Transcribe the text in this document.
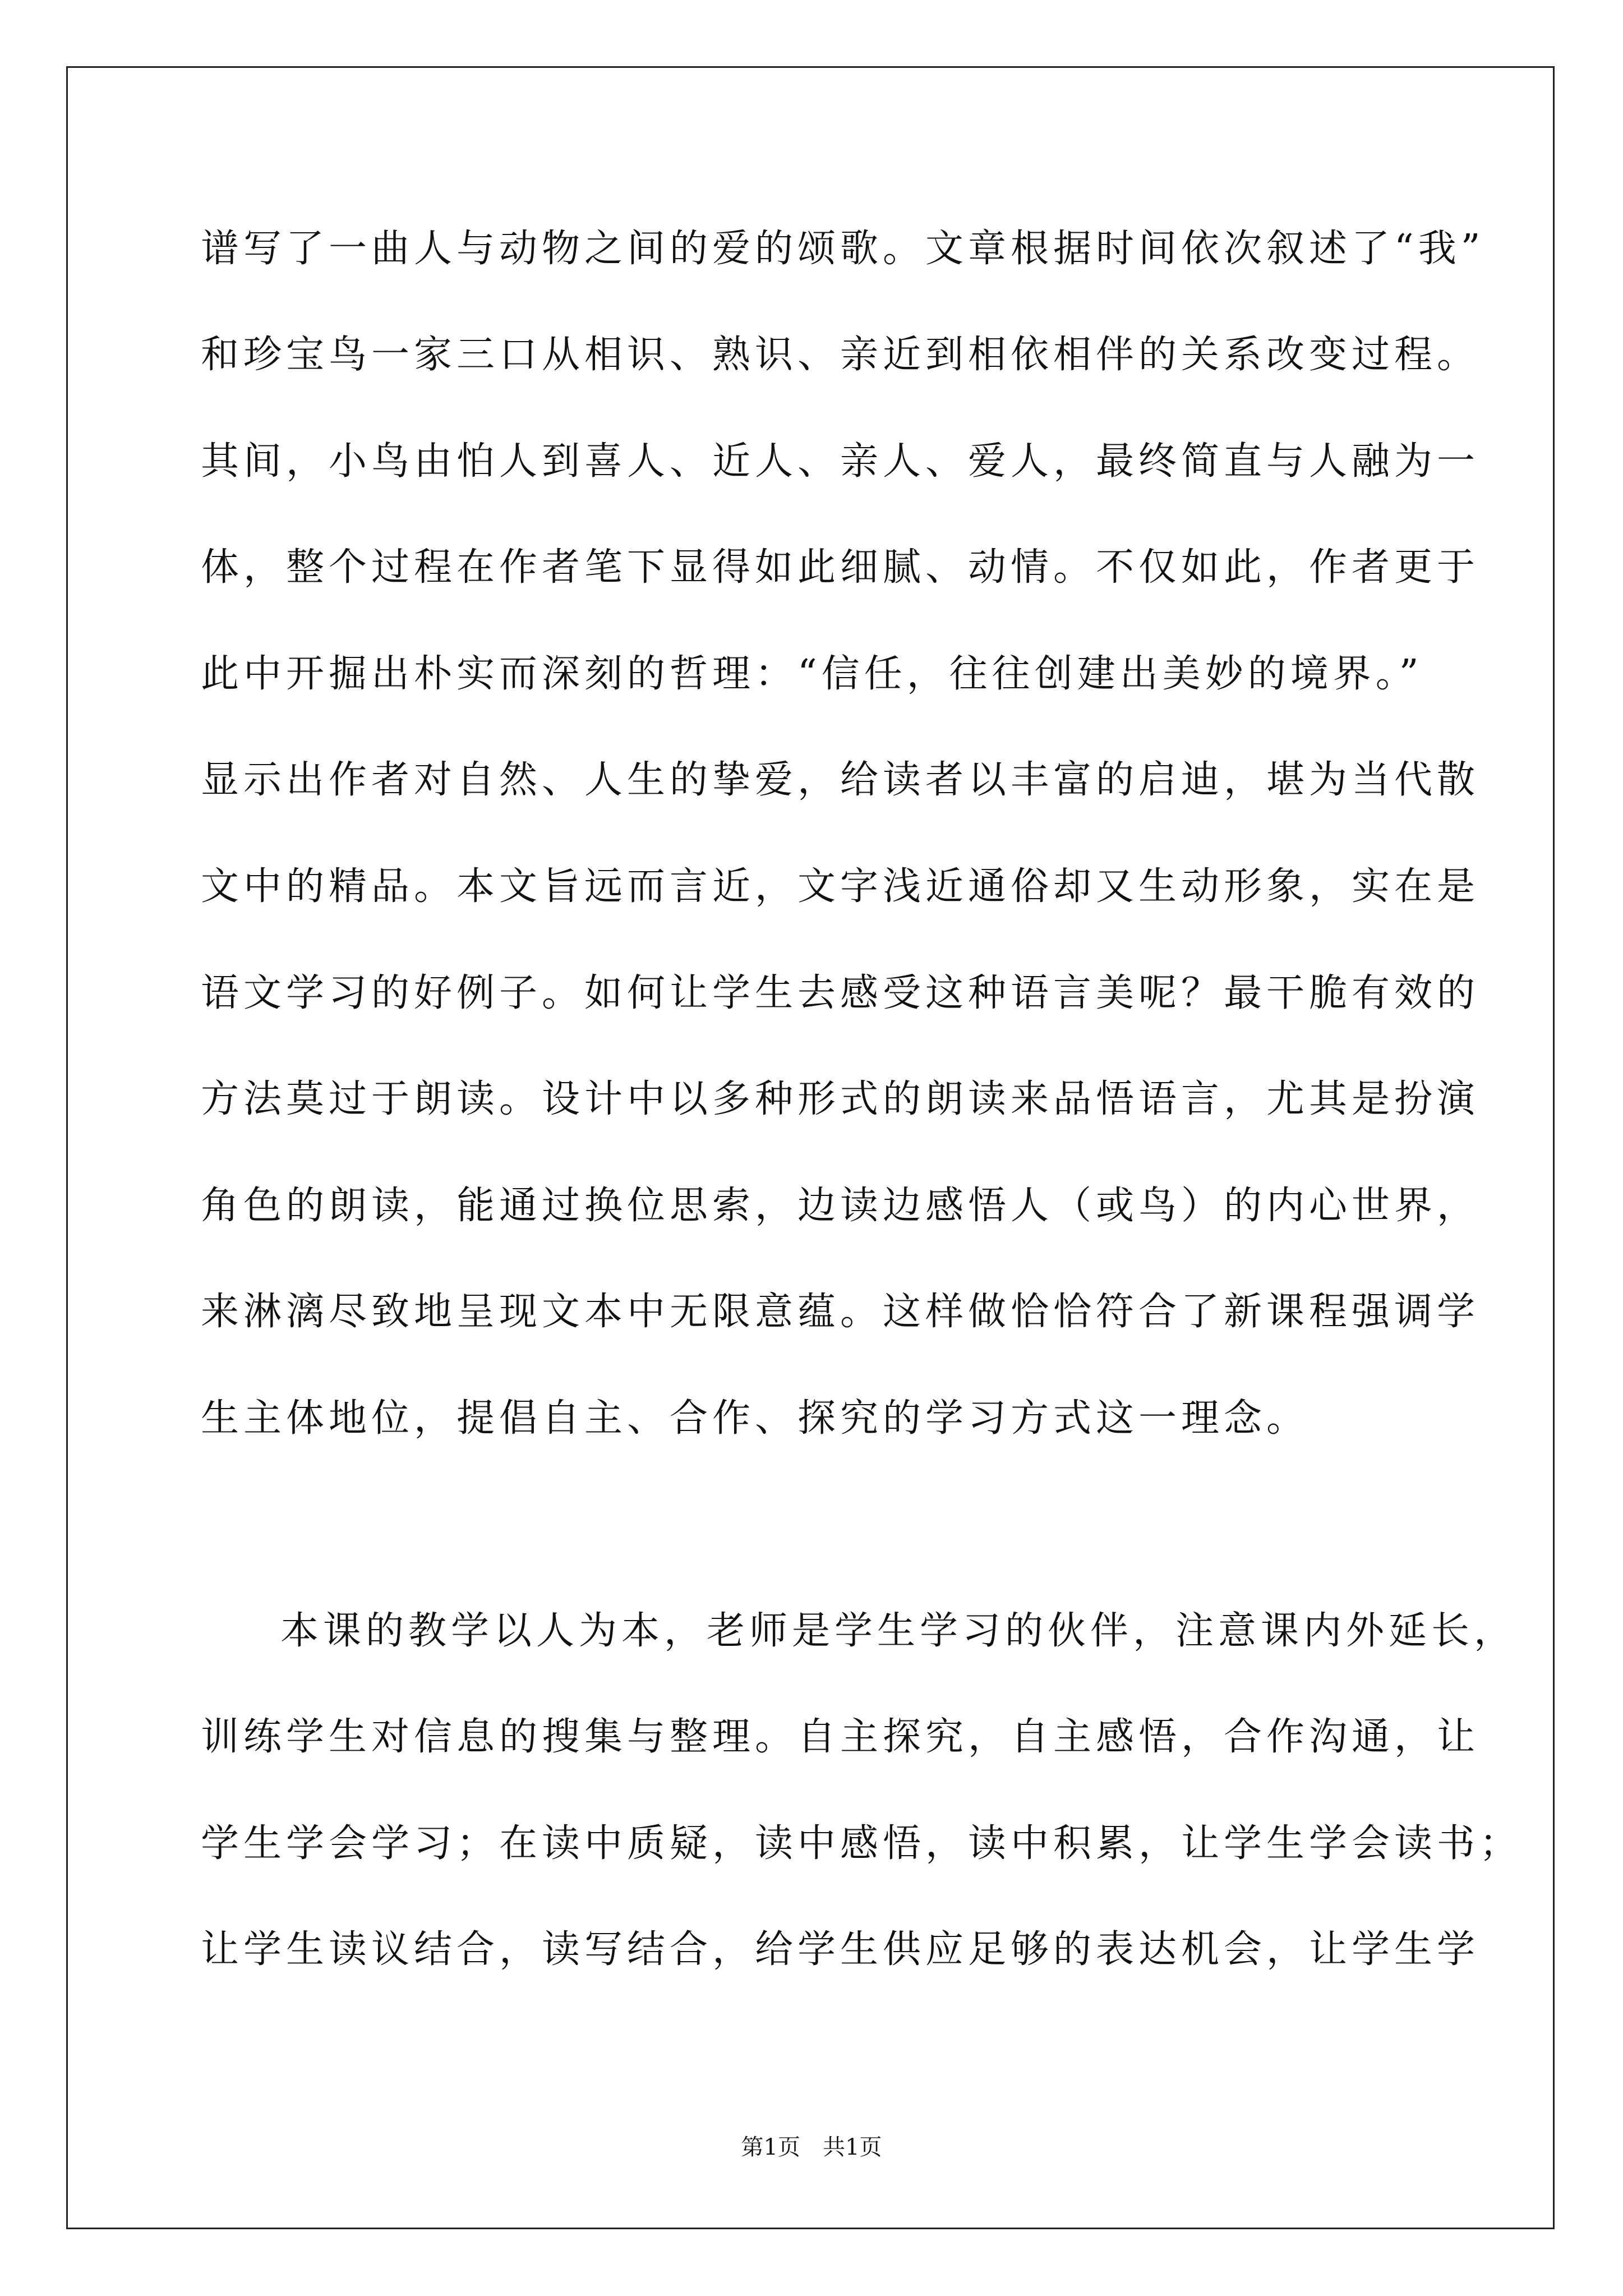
谱写了一曲人与动物之间的爱的颂歌。文章根据时间依次叙述了“我”
和珍宝鸟一家三口从相识、熟识、亲近到相依相伴的关系改变过程。
其间，小鸟由怕人到喜人、近人、亲人、爱人，最终简直与人融为一
体，整个过程在作者笔下显得如此细腻、动情。不仅如此，作者更于
此中开掘出朴实而深刻的哲理：“信任，往往创建出美妙的境界。”
显示出作者对自然、人生的挚爱，给读者以丰富的启迪，堪为当代散
文中的精品。本文旨远而言近，文字浅近通俗却又生动形象，实在是
语文学习的好例子。如何让学生去感受这种语言美呢？最干脆有效的
方法莫过于朗读。设计中以多种形式的朗读来品悟语言，尤其是扮演
角色的朗读，能通过换位思索，边读边感悟人（或鸟）的内心世界，
来淋漓尽致地呈现文本中无限意蕴。这样做恰恰符合了新课程强调学
生主体地位，提倡自主、合作、探究的学习方式这一理念。
本课的教学以人为本，老师是学生学习的伙伴，注意课内外延长，
训练学生对信息的搜集与整理。自主探究，自主感悟，合作沟通，让
学生学会学习；在读中质疑，读中感悟，读中积累，让学生学会读书；
让学生读议结合，读写结合，给学生供应足够的表达机会，让学生学
第1页　共1页
